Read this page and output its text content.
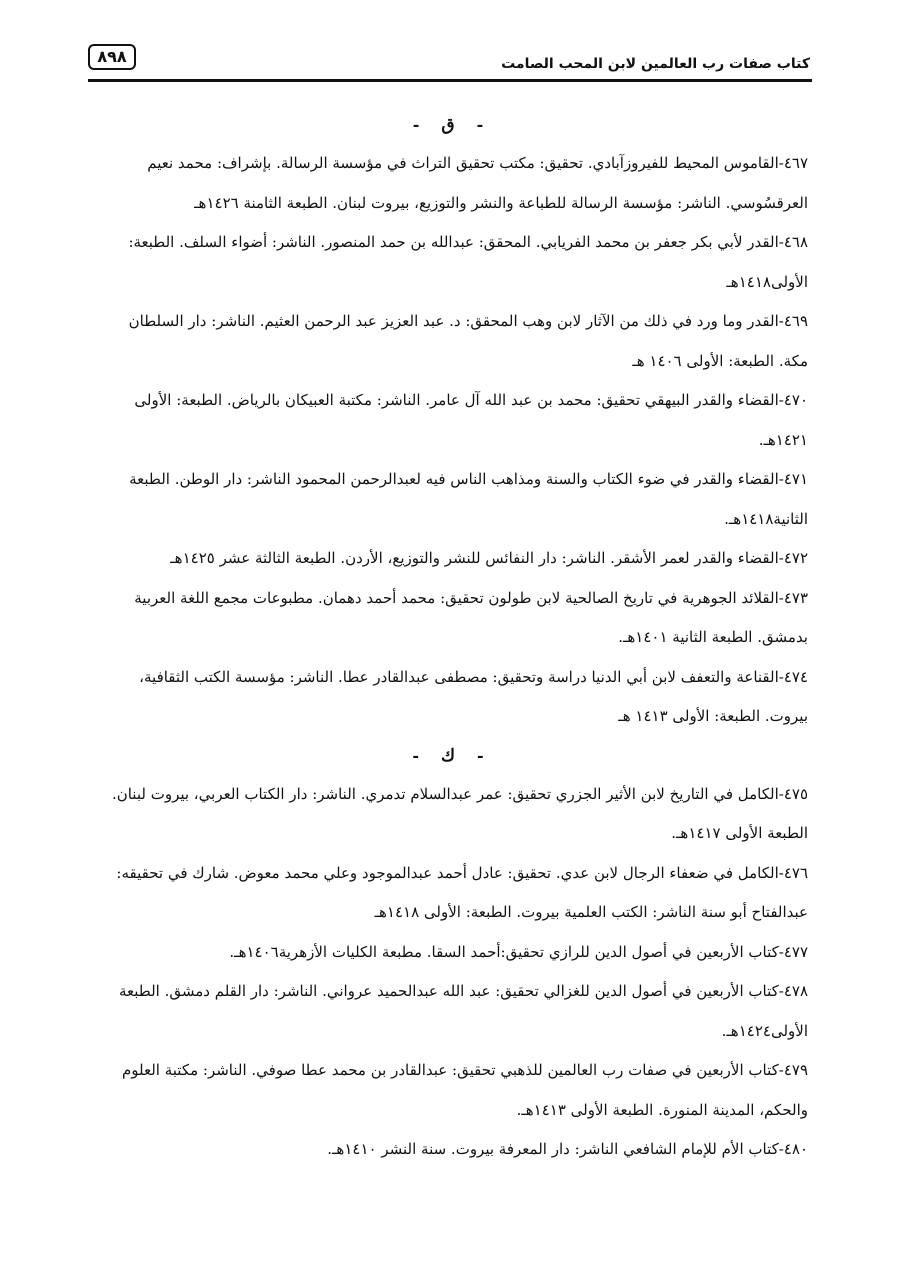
٨٩٨	كتاب صفات رب العالمين لابن المحب الصامت
-ق-
٤٦٧-القاموس المحيط للفيروزآبادي. تحقيق: مكتب تحقيق التراث في مؤسسة الرسالة. بإشراف: محمد نعيم
العرقسُوسي. الناشر: مؤسسة الرسالة للطباعة والنشر والتوزيع، بيروت لبنان. الطبعة الثامنة ١٤٢٦هـ
٤٦٨-القدر لأبي بكر جعفر بن محمد الفريابي. المحقق: عبدالله بن حمد المنصور. الناشر: أضواء السلف. الطبعة:
الأولى١٤١٨هـ
٤٦٩-القدر وما ورد في ذلك من الآثار لابن وهب المحقق: د. عبد العزيز عبد الرحمن العثيم. الناشر: دار السلطان
مكة. الطبعة: الأولى ١٤٠٦ هـ
٤٧٠-القضاء والقدر البيهقي تحقيق: محمد بن عبد الله آل عامر. الناشر: مكتبة العبيكان بالرياض. الطبعة: الأولى
١٤٢١هـ.
٤٧١-القضاء والقدر في ضوء الكتاب والسنة ومذاهب الناس فيه لعبدالرحمن المحمود الناشر: دار الوطن. الطبعة
الثانية١٤١٨هـ.
٤٧٢-القضاء والقدر لعمر الأشقر. الناشر: دار النفائس للنشر والتوزيع، الأردن. الطبعة الثالثة عشر ١٤٢٥هـ
٤٧٣-القلائد الجوهرية في تاريخ الصالحية لابن طولون تحقيق: محمد أحمد دهمان. مطبوعات مجمع اللغة العربية
بدمشق. الطبعة الثانية ١٤٠١هـ.
٤٧٤-القناعة والتعفف لابن أبي الدنيا دراسة وتحقيق: مصطفى عبدالقادر عطا. الناشر: مؤسسة الكتب الثقافية،
بيروت. الطبعة: الأولى ١٤١٣ هـ
-ك-
٤٧٥-الكامل في التاريخ لابن الأثير الجزري تحقيق: عمر عبدالسلام تدمري. الناشر: دار الكتاب العربي، بيروت لبنان.
الطبعة الأولى ١٤١٧هـ.
٤٧٦-الكامل في ضعفاء الرجال لابن عدي. تحقيق: عادل أحمد عبدالموجود وعلي محمد معوض. شارك في تحقيقه:
عبدالفتاح أبو سنة الناشر: الكتب العلمية بيروت. الطبعة: الأولى ١٤١٨هـ
٤٧٧-كتاب الأربعين في أصول الدين للرازي تحقيق:أحمد السقا. مطبعة الكليات الأزهرية١٤٠٦هـ.
٤٧٨-كتاب الأربعين في أصول الدين للغزالي تحقيق: عبد الله عبدالحميد عرواني. الناشر: دار القلم دمشق. الطبعة
الأولى١٤٢٤هـ.
٤٧٩-كتاب الأربعين في صفات رب العالمين للذهبي تحقيق: عبدالقادر بن محمد عطا صوفي. الناشر: مكتبة العلوم
والحكم، المدينة المنورة. الطبعة الأولى ١٤١٣هـ.
٤٨٠-كتاب الأم للإمام الشافعي الناشر: دار المعرفة بيروت. سنة النشر ١٤١٠هـ.
